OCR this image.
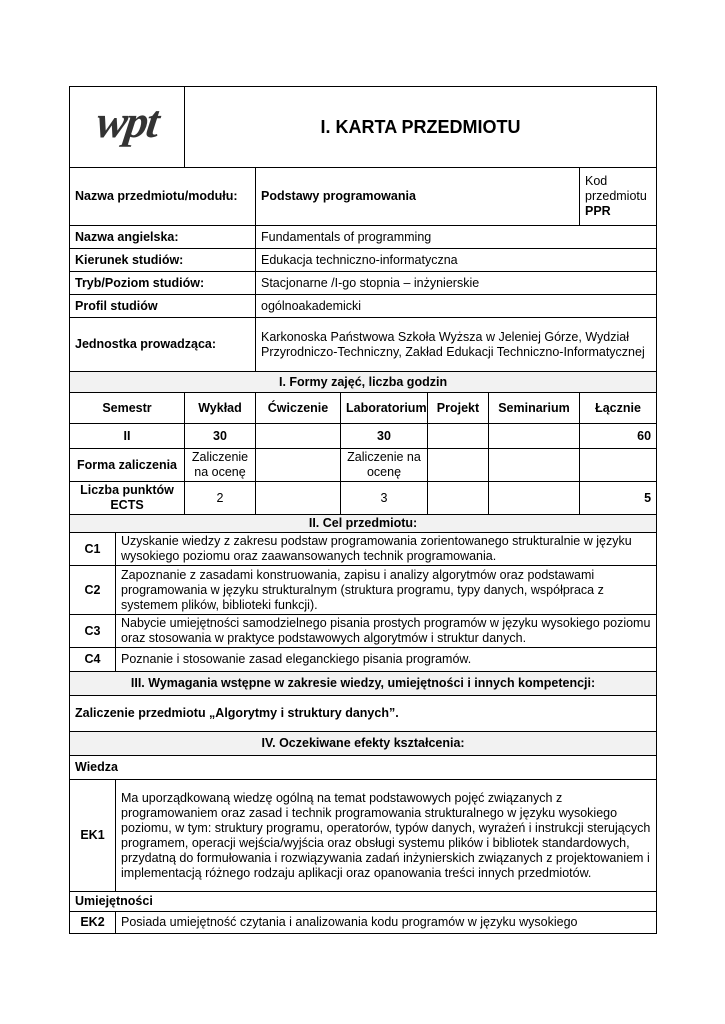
wpt		I. KARTA PRZEDMIOTU					
Nazwa przedmiotu/modułu:			Podstawy programowania				Kod
przedmiotu
PPR

Nazwa angielska:			Fundamentals of programming				
Kierunek studiów:			Edukacja techniczno-informatyczna				
Tryb/Poziom studiów:			Stacjonarne /I-go stopnia – inżynierskie				
Profil studiów			ogólnoakademicki				
Jednostka prowadząca:			Karkonoska Państwowa Szkoła Wyższa w Jeleniej Górze, Wydział Przyrodniczo-Techniczny, Zakład Edukacji Techniczno-Informatycznej				
I. Formy zajęć, liczba godzin							
Semestr		Wykład	Ćwiczenie	Laboratorium	Projekt	Seminarium	Łącznie
II		30		30			60
Forma zaliczenia		Zaliczenie na ocenę		Zaliczenie na ocenę			
Liczba punktów ECTS		2		3			5
II. Cel przedmiotu:							
C1	Uzyskanie wiedzy z zakresu podstaw programowania zorientowanego strukturalnie w języku wysokiego poziomu oraz zaawansowanych technik programowania.						
C2	Zapoznanie z zasadami konstruowania, zapisu i analizy algorytmów oraz podstawami programowania w języku strukturalnym (struktura programu, typy danych, współpraca z systemem plików, biblioteki funkcji).						
C3	Nabycie umiejętności samodzielnego pisania prostych programów w języku wysokiego poziomu oraz stosowania w praktyce podstawowych algorytmów i struktur danych.						
C4	Poznanie i stosowanie zasad eleganckiego pisania programów.						
III. Wymagania wstępne w zakresie wiedzy, umiejętności i innych kompetencji:							
Zaliczenie przedmiotu „Algorytmy i struktury danych”.							
IV. Oczekiwane efekty kształcenia:							
Wiedza							
EK1	Ma uporządkowaną wiedzę ogólną na temat podstawowych pojęć związanych z programowaniem oraz zasad i technik programowania strukturalnego w języku wysokiego poziomu, w tym: struktury programu, operatorów, typów danych, wyrażeń i instrukcji sterujących programem, operacji wejścia/wyjścia oraz obsługi systemu plików i bibliotek standardowych, przydatną do formułowania i rozwiązywania zadań inżynierskich związanych z projektowaniem i implementacją różnego rodzaju aplikacji oraz opanowania treści innych przedmiotów.						
Umiejętności							
EK2	Posiada umiejętność czytania i analizowania kodu programów w języku wysokiego						
